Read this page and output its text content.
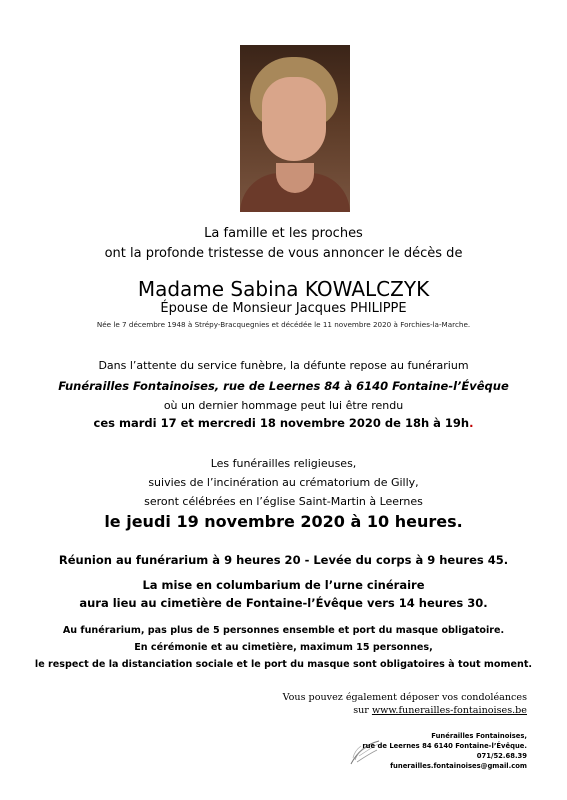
La famille et les proches
ont la profonde tristesse de vous annoncer le décès de
Madame Sabina KOWALCZYK
Épouse de Monsieur Jacques PHILIPPE
Née le 7 décembre 1948 à Strépy-Bracquegnies et décédée le 11 novembre 2020 à Forchies-la-Marche.
Dans l’attente du service funèbre, la défunte repose au funérarium
Funérailles Fontainoises, rue de Leernes 84 à 6140 Fontaine-l’Évêque
où un dernier hommage peut lui être rendu
ces mardi 17 et mercredi 18 novembre 2020 de 18h à 19h.
Les funérailles religieuses,
suivies de l’incinération au crématorium de Gilly,
seront célébrées en l’église Saint-Martin à Leernes
le jeudi 19 novembre 2020 à 10 heures.
Réunion au funérarium à 9 heures 20 - Levée du corps à 9 heures 45.
La mise en columbarium de l’urne cinéraire
aura lieu au cimetière de Fontaine-l’Évêque vers 14 heures 30.
Au funérarium, pas plus de 5 personnes ensemble et port du masque obligatoire.
En cérémonie et au cimetière, maximum 15 personnes,
le respect de la distanciation sociale et le port du masque sont obligatoires à tout moment.
Vous pouvez également déposer vos condoléances
sur www.funerailles-fontainoises.be
Funérailles Fontainoises,
rue de Leernes 84 6140 Fontaine-l’Évêque.
071/52.68.39
funerailles.fontainoises@gmail.com
